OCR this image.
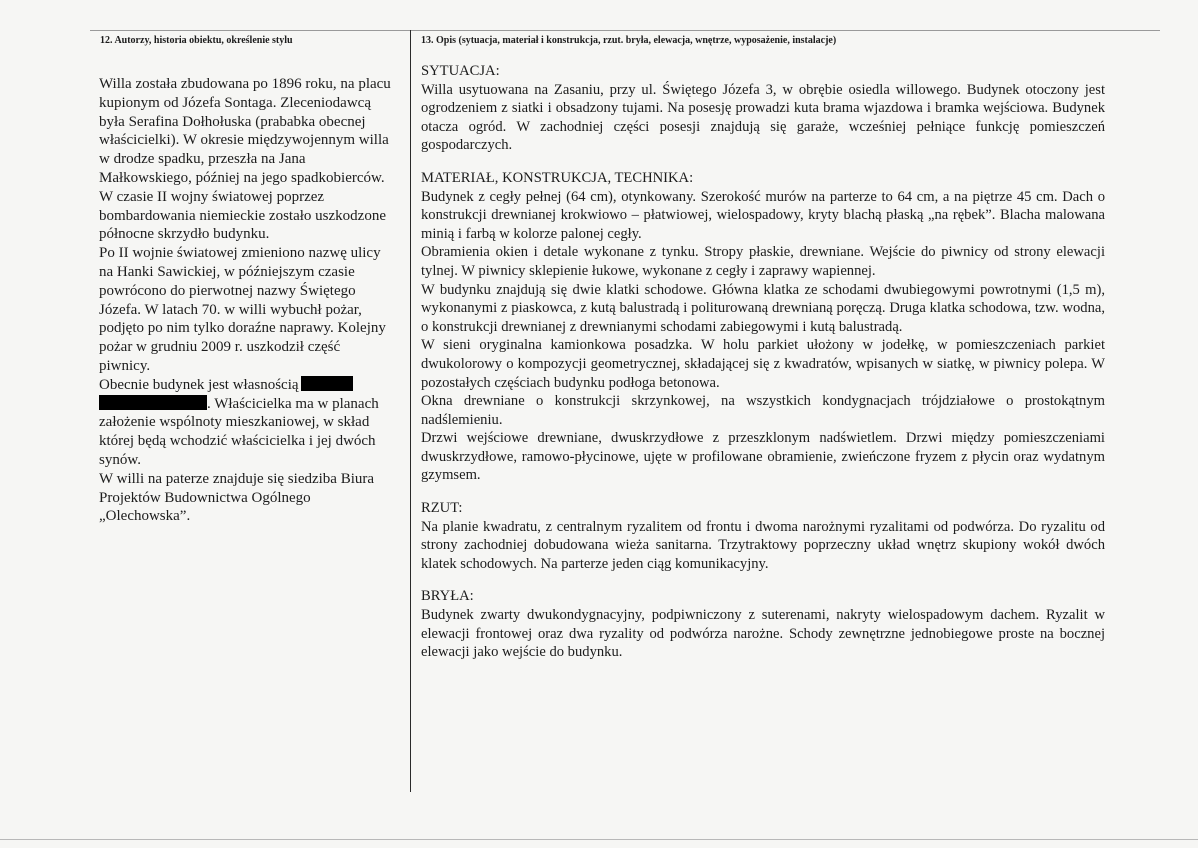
12. Autorzy, historia obiektu, określenie stylu	13. Opis (sytuacja, materiał i konstrukcja, rzut. bryła, elewacja, wnętrze, wyposażenie, instalacje)

Willa została zbudowana po 1896 roku, na placu
kupionym od Józefa Sontaga. Zleceniodawcą
była Serafina Dołhołuska (prababka obecnej
właścicielki). W okresie międzywojennym willa
w drodze spadku, przeszła na Jana
Małkowskiego, później na jego spadkobierców.
W czasie II wojny światowej poprzez
bombardowania niemieckie zostało uszkodzone
północne skrzydło budynku.

Po II wojnie światowej zmieniono nazwę ulicy
na Hanki Sawickiej, w późniejszym czasie
powrócono do pierwotnej nazwy Świętego
Józefa. W latach 70. w willi wybuchł pożar,
podjęto po nim tylko doraźne naprawy. Kolejny
pożar w grudniu 2009 r. uszkodził część
piwnicy.

Obecnie budynek jest własnością
. Właścicielka ma w planach
założenie wspólnoty mieszkaniowej, w skład
której będą wchodzić właścicielka i jej dwóch
synów.

W willi na paterze znajduje się siedziba Biura
Projektów Budownictwa Ogólnego
„Olechowska”.

SYTUACJA:

Willa usytuowana na Zasaniu, przy ul. Świętego Józefa 3, w obrębie osiedla willowego. Budynek otoczony jest ogrodzeniem z siatki i obsadzony tujami. Na posesję prowadzi kuta brama wjazdowa i bramka wejściowa. Budynek otacza ogród. W zachodniej części posesji znajdują się garaże, wcześniej pełniące funkcję pomieszczeń gospodarczych.

MATERIAŁ, KONSTRUKCJA, TECHNIKA:

Budynek z cegły pełnej (64 cm), otynkowany. Szerokość murów na parterze to 64 cm, a na piętrze 45 cm. Dach o konstrukcji drewnianej krokwiowo – płatwiowej, wielospadowy, kryty blachą płaską „na rębek”. Blacha malowana minią i farbą w kolorze palonej cegły.

Obramienia okien i detale wykonane z tynku. Stropy płaskie, drewniane. Wejście do piwnicy od strony elewacji tylnej. W piwnicy sklepienie łukowe, wykonane z cegły i zaprawy wapiennej.

W budynku znajdują się dwie klatki schodowe. Główna klatka ze schodami dwubiegowymi powrotnymi (1,5 m), wykonanymi z piaskowca, z kutą balustradą i politurowaną drewnianą poręczą. Druga klatka schodowa, tzw. wodna, o konstrukcji drewnianej z drewnianymi schodami zabiegowymi i kutą balustradą.

W sieni oryginalna kamionkowa posadzka. W holu parkiet ułożony w jodełkę, w pomieszczeniach parkiet dwukolorowy o kompozycji geometrycznej, składającej się z kwadratów, wpisanych w siatkę, w piwnicy polepa. W pozostałych częściach budynku podłoga betonowa.

Okna drewniane o konstrukcji skrzynkowej, na wszystkich kondygnacjach trójdziałowe o prostokątnym nadślemieniu.

Drzwi wejściowe drewniane, dwuskrzydłowe z przeszklonym nadświetlem. Drzwi między pomieszczeniami dwuskrzydłowe, ramowo-płycinowe, ujęte w profilowane obramienie, zwieńczone fryzem z płycin oraz wydatnym gzymsem.

RZUT:

Na planie kwadratu, z centralnym ryzalitem od frontu i dwoma narożnymi ryzalitami od podwórza. Do ryzalitu od strony zachodniej dobudowana wieża sanitarna. Trzytraktowy poprzeczny układ wnętrz skupiony wokół dwóch klatek schodowych. Na parterze jeden ciąg komunikacyjny.

BRYŁA:

Budynek zwarty dwukondygnacyjny, podpiwniczony z suterenami, nakryty wielospadowym dachem. Ryzalit w elewacji frontowej oraz dwa ryzality od podwórza narożne. Schody zewnętrzne jednobiegowe proste na bocznej elewacji jako wejście do budynku.
